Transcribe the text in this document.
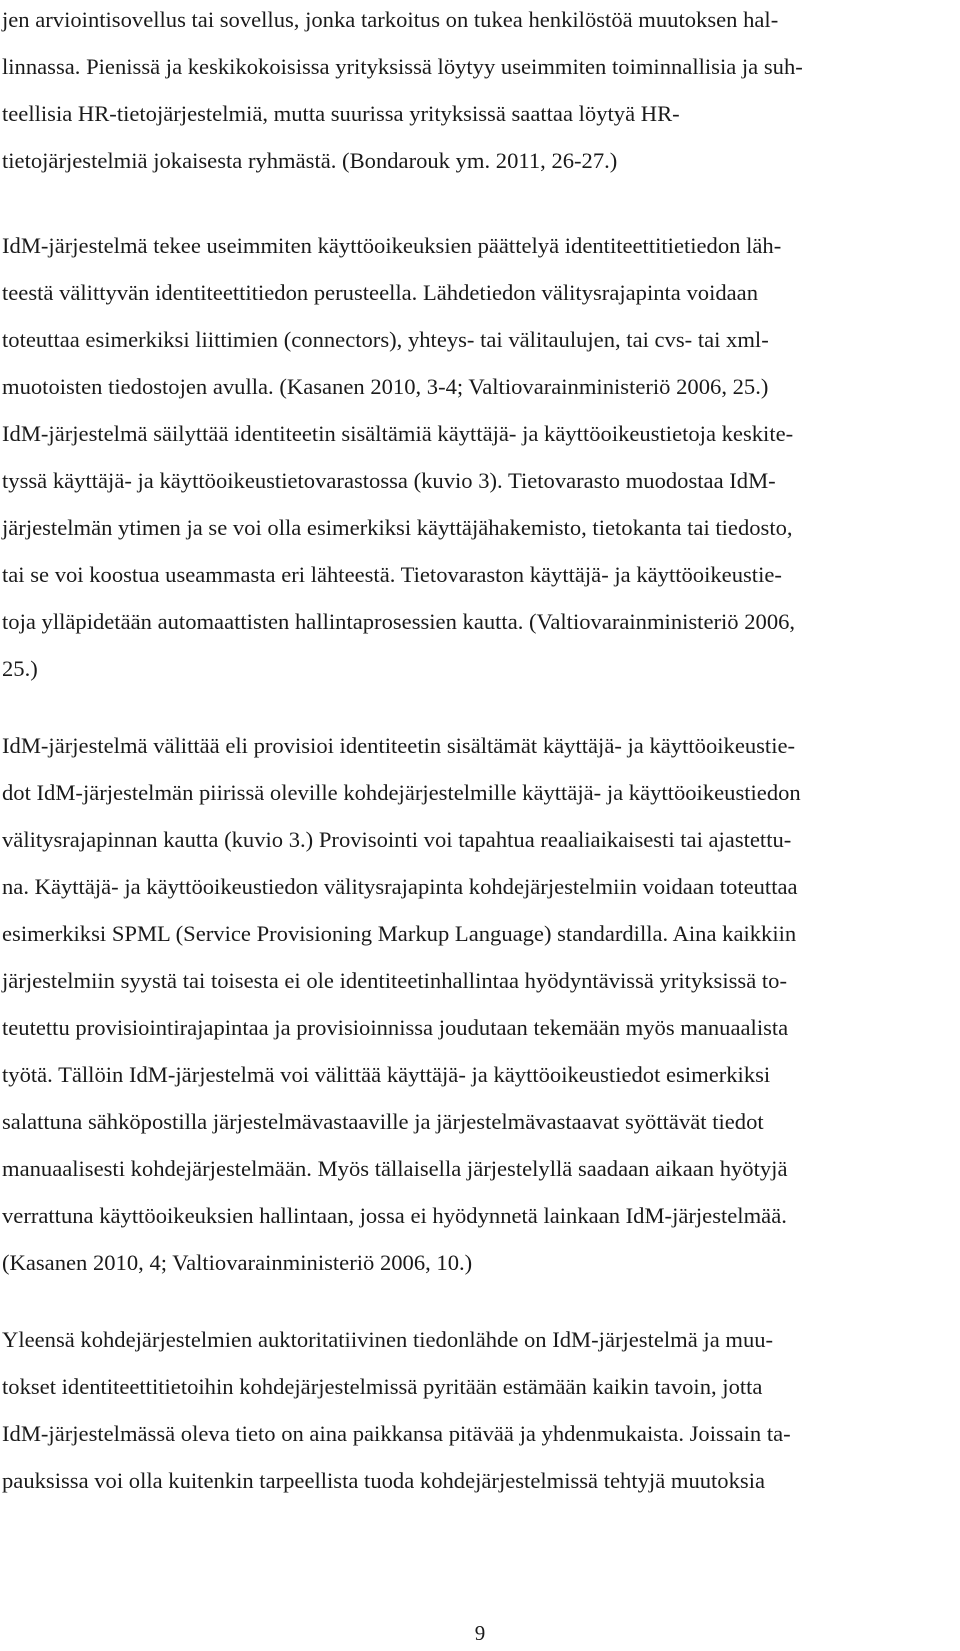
jen arviointisovellus tai sovellus, jonka tarkoitus on tukea henkilöstöä muutoksen hal-
linnassa. Pienissä ja keskikokoisissa yrityksissä löytyy useimmiten toiminnallisia ja suh-
teellisia HR-tietojärjestelmiä, mutta suurissa yrityksissä saattaa löytyä HR-
tietojärjestelmiä jokaisesta ryhmästä. (Bondarouk ym. 2011, 26-27.)
IdM-järjestelmä tekee useimmiten käyttöoikeuksien päättelyä identiteettitietiedon läh-
teestä välittyvän identiteettitiedon perusteella. Lähdetiedon välitysrajapinta voidaan
toteuttaa esimerkiksi liittimien (connectors), yhteys- tai välitaulujen, tai cvs- tai xml-
muotoisten tiedostojen avulla. (Kasanen 2010, 3-4; Valtiovarainministeriö 2006, 25.)
IdM-järjestelmä säilyttää identiteetin sisältämiä käyttäjä- ja käyttöoikeustietoja keskite-
tyssä käyttäjä- ja käyttöoikeustietovarastossa (kuvio 3). Tietovarasto muodostaa IdM-
järjestelmän ytimen ja se voi olla esimerkiksi käyttäjähakemisto, tietokanta tai tiedosto,
tai se voi koostua useammasta eri lähteestä. Tietovaraston käyttäjä- ja käyttöoikeustie-
toja ylläpidetään automaattisten hallintaprosessien kautta. (Valtiovarainministeriö 2006,
25.)
IdM-järjestelmä välittää eli provisioi identiteetin sisältämät käyttäjä- ja käyttöoikeustie-
dot IdM-järjestelmän piirissä oleville kohdejärjestelmille käyttäjä- ja käyttöoikeustiedon
välitysrajapinnan kautta (kuvio 3.) Provisointi voi tapahtua reaaliaikaisesti tai ajastettu-
na. Käyttäjä- ja käyttöoikeustiedon välitysrajapinta kohdejärjestelmiin voidaan toteuttaa
esimerkiksi SPML (Service Provisioning Markup Language) standardilla. Aina kaikkiin
järjestelmiin syystä tai toisesta ei ole identiteetinhallintaa hyödyntävissä yrityksissä to-
teutettu provisiointirajapintaa ja provisioinnissa joudutaan tekemään myös manuaalista
työtä. Tällöin IdM-järjestelmä voi välittää käyttäjä- ja käyttöoikeustiedot esimerkiksi
salattuna sähköpostilla järjestelmävastaaville ja järjestelmävastaavat syöttävät tiedot
manuaalisesti kohdejärjestelmään. Myös tällaisella järjestelyllä saadaan aikaan hyötyjä
verrattuna käyttöoikeuksien hallintaan, jossa ei hyödynnetä lainkaan IdM-järjestelmää.
(Kasanen 2010, 4; Valtiovarainministeriö 2006, 10.)
Yleensä kohdejärjestelmien auktoritatiivinen tiedonlähde on IdM-järjestelmä ja muu-
tokset identiteettitietoihin kohdejärjestelmissä pyritään estämään kaikin tavoin, jotta
IdM-järjestelmässä oleva tieto on aina paikkansa pitävää ja yhdenmukaista. Joissain ta-
pauksissa voi olla kuitenkin tarpeellista tuoda kohdejärjestelmissä tehtyjä muutoksia
9
